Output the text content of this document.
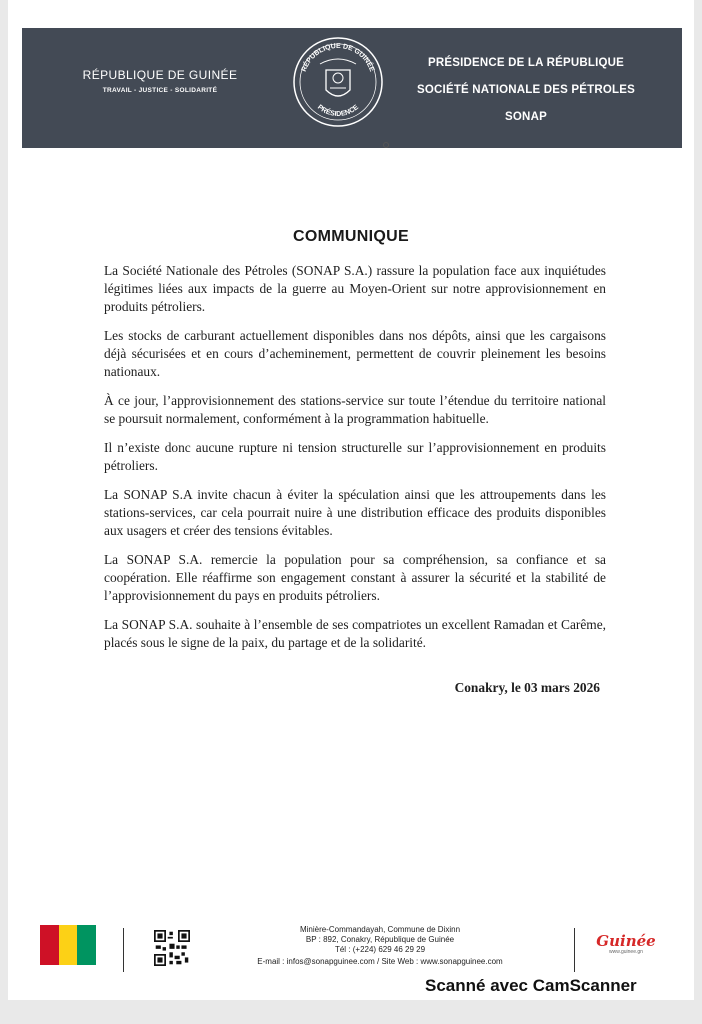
RÉPUBLIQUE DE GUINÉE
TRAVAIL - JUSTICE - SOLIDARITÉ
RÉPUBLIQUE DE GUINÉE
PRÉSIDENCE
PRÉSIDENCE DE LA RÉPUBLIQUE
SOCIÉTÉ NATIONALE DES PÉTROLES
SONAP
COMMUNIQUE

La Société Nationale des Pétroles (SONAP S.A.) rassure la population face aux inquiétudes légitimes liées aux impacts de la guerre au Moyen-Orient sur notre approvisionnement en produits pétroliers.

Les stocks de carburant actuellement disponibles dans nos dépôts, ainsi que les cargaisons déjà sécurisées et en cours d’acheminement, permettent de couvrir pleinement les besoins nationaux.

À ce jour, l’approvisionnement des stations-service sur toute l’étendue du territoire national se poursuit normalement, conformément à la programmation habituelle.

Il n’existe donc aucune rupture ni tension structurelle sur l’approvisionnement en produits pétroliers.

La SONAP S.A invite chacun à éviter la spéculation ainsi que les attroupements dans les stations-services, car cela pourrait nuire à une distribution efficace des produits disponibles aux usagers et créer des tensions évitables.

La SONAP S.A. remercie la population pour sa compréhension, sa confiance et sa coopération. Elle réaffirme son engagement constant à assurer la sécurité et la stabilité de l’approvisionnement du pays en produits pétroliers.

La SONAP S.A. souhaite à l’ensemble de ses compatriotes un excellent Ramadan et Carême, placés sous le signe de la paix, du partage et de la solidarité.

Conakry, le 03 mars 2026
Minière-Commandayah, Commune de Dixinn
BP : 892, Conakry, République de Guinée
Tél : (+224) 629 46 29 29
E-mail : infos@sonapguinee.com / Site Web : www.sonapguinee.com
Guinée
www.guinee.gn
Scanné avec CamScanner
